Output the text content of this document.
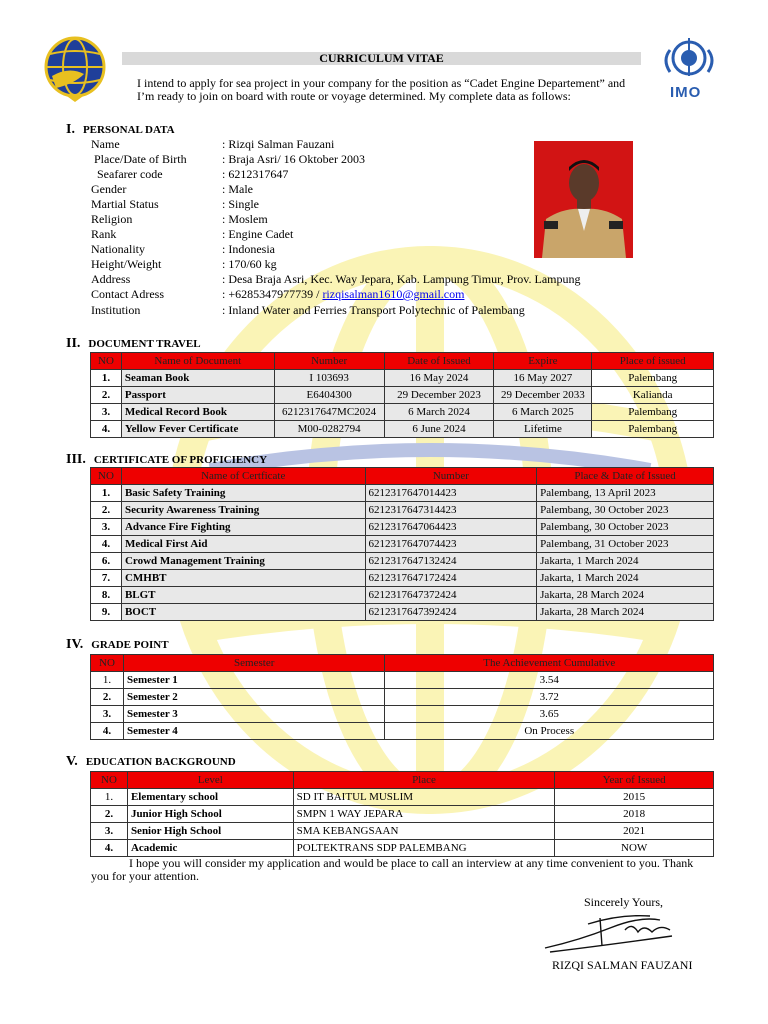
IMO
CURRICULUM VITAE
I intend to apply for sea project in your company for the position as “Cadet Engine Departement” and
I’m ready to join on board with route or voyage determined. My complete data as follows:
I. PERSONAL DATA
Name	: Rizqi Salman Fauzani
Place/Date of Birth	: Braja Asri/ 16 Oktober 2003
Seafarer code	: 6212317647
Gender	: Male
Martial Status	: Single
Religion	: Moslem
Rank	: Engine Cadet
Nationality	: Indonesia
Height/Weight	: 170/60 kg
Address	: Desa Braja Asri, Kec. Way Jepara, Kab. Lampung Timur, Prov. Lampung
Contact Adress	: +6285347977739 / rizqisalman1610@gmail.com
Institution	: Inland Water and Ferries Transport Polytechnic of Palembang
II. DOCUMENT TRAVEL
NO	Name of Document	Number	Date of Issued	Expire	Place of issued
1.	Seaman Book	I 103693	16 May 2024	16 May 2027	Palembang
2.	Passport	E6404300	29 December 2023	29 December 2033	Kalianda
3.	Medical Record Book	6212317647MC2024	6 March 2024	6 March 2025	Palembang
4.	Yellow Fever Certificate	M00-0282794	6 June 2024	Lifetime	Palembang
III. CERTIFICATE OF PROFICIENCY
NO	Name of Certficate	Number	Place & Date of Issued
1.	Basic Safety Training	6212317647014423	Palembang, 13 April 2023
2.	Security Awareness Training	6212317647314423	Palembang, 30 October 2023
3.	Advance Fire Fighting	6212317647064423	Palembang, 30 October 2023
4.	Medical First Aid	6212317647074423	Palembang, 31 October 2023
6.	Crowd Management Training	6212317647132424	Jakarta, 1 March 2024
7.	CMHBT	6212317647172424	Jakarta, 1 March 2024
8.	BLGT	6212317647372424	Jakarta, 28 March 2024
9.	BOCT	6212317647392424	Jakarta, 28 March 2024
IV. GRADE POINT
NO	Semester	The Achievement Cumulative
1.	Semester 1	3.54
2.	Semester 2	3.72
3.	Semester 3	3.65
4.	Semester 4	On Process
V. EDUCATION BACKGROUND
NO	Level	Place	Year of Issued
1.	Elementary school	SD IT BAITUL MUSLIM	2015
2.	Junior High School	SMPN 1 WAY JEPARA	2018
3.	Senior High School	SMA KEBANGSAAN	2021
4.	Academic	POLTEKTRANS SDP PALEMBANG	NOW
I hope you will consider my application and would be place to call an interview at any time convenient to you. Thank you for your attention.
Sincerely Yours,
RIZQI SALMAN FAUZANI
